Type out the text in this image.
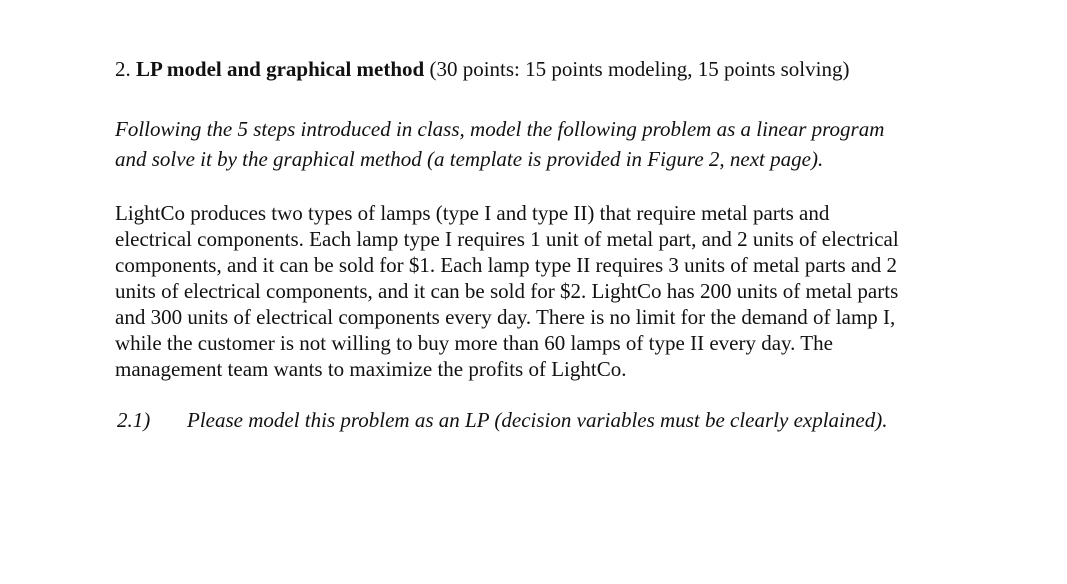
2. LP model and graphical method (30 points: 15 points modeling, 15 points solving)
Following the 5 steps introduced in class, model the following problem as a linear program
and solve it by the graphical method (a template is provided in Figure 2, next page).
LightCo produces two types of lamps (type I and type II) that require metal parts and
electrical components. Each lamp type I requires 1 unit of metal part, and 2 units of electrical
components, and it can be sold for $1. Each lamp type II requires 3 units of metal parts and 2
units of electrical components, and it can be sold for $2. LightCo has 200 units of metal parts
and 300 units of electrical components every day. There is no limit for the demand of lamp I,
while the customer is not willing to buy more than 60 lamps of type II every day. The
management team wants to maximize the profits of LightCo.
2.1) Please model this problem as an LP (decision variables must be clearly explained).
